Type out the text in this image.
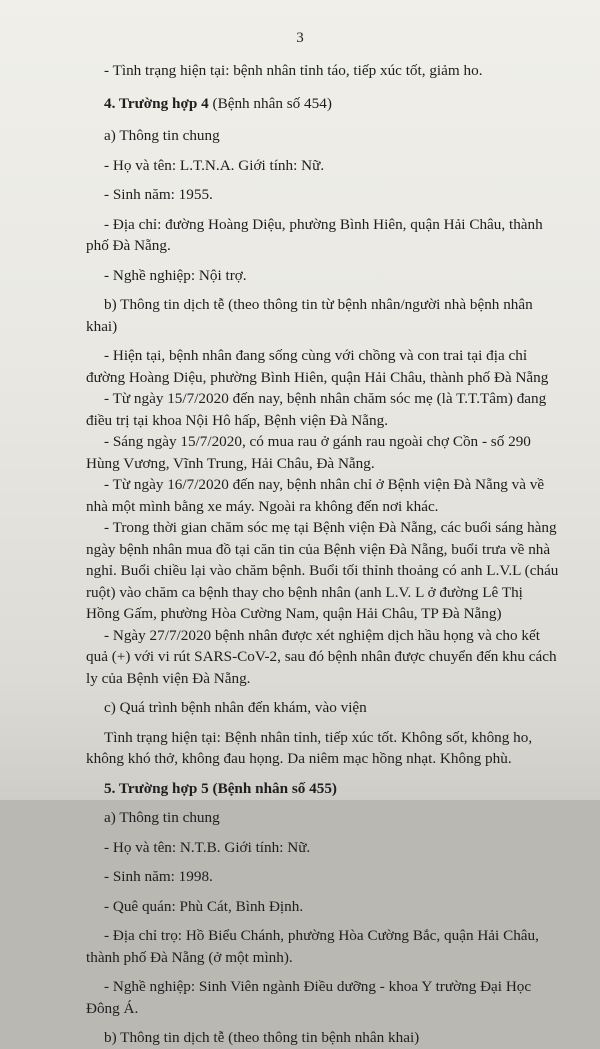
3

- Tình trạng hiện tại: bệnh nhân tỉnh táo, tiếp xúc tốt, giảm ho.

4. Trường hợp 4 (Bệnh nhân số 454)

a) Thông tin chung

- Họ và tên: L.T.N.A. Giới tính: Nữ.

- Sinh năm: 1955.

- Địa chỉ: đường Hoàng Diệu, phường Bình Hiên, quận Hải Châu, thành phố Đà Nẵng.

- Nghề nghiệp: Nội trợ.

b) Thông tin dịch tễ (theo thông tin từ bệnh nhân/người nhà bệnh nhân khai)

- Hiện tại, bệnh nhân đang sống cùng với chồng và con trai tại địa chỉ đường Hoàng Diệu, phường Bình Hiên, quận Hải Châu, thành phố Đà Nẵng

- Từ ngày 15/7/2020 đến nay, bệnh nhân chăm sóc mẹ (là T.T.Tâm) đang điều trị tại khoa Nội Hô hấp, Bệnh viện Đà Nẵng.

- Sáng ngày 15/7/2020, có mua rau ở gánh rau ngoài chợ Cồn - số 290 Hùng Vương, Vĩnh Trung, Hải Châu, Đà Nẵng.

- Từ ngày 16/7/2020 đến nay, bệnh nhân chỉ ở Bệnh viện Đà Nẵng và về nhà một mình bằng xe máy. Ngoài ra không đến nơi khác.

- Trong thời gian chăm sóc mẹ tại Bệnh viện Đà Nẵng, các buổi sáng hàng ngày bệnh nhân mua đồ tại căn tin của Bệnh viện Đà Nẵng, buổi trưa về nhà nghỉ. Buổi chiều lại vào chăm bệnh. Buổi tối thỉnh thoảng có anh L.V.L (cháu ruột) vào chăm ca bệnh thay cho bệnh nhân (anh L.V. L ở đường Lê Thị Hồng Gấm, phường Hòa Cường Nam, quận Hải Châu, TP Đà Nẵng)

- Ngày 27/7/2020 bệnh nhân được xét nghiệm dịch hầu họng và cho kết quả (+) với vi rút SARS-CoV-2, sau đó bệnh nhân được chuyển đến khu cách ly của Bệnh viện Đà Nẵng.

c) Quá trình bệnh nhân đến khám, vào viện

Tình trạng hiện tại: Bệnh nhân tỉnh, tiếp xúc tốt. Không sốt, không ho, không khó thở, không đau họng. Da niêm mạc hồng nhạt. Không phù.

5. Trường hợp 5 (Bệnh nhân số 455)

a) Thông tin chung

- Họ và tên: N.T.B. Giới tính: Nữ.

- Sinh năm: 1998.

- Quê quán: Phù Cát, Bình Định.

- Địa chỉ trọ: Hồ Biểu Chánh, phường Hòa Cường Bắc, quận Hải Châu, thành phố Đà Nẵng (ở một mình).

- Nghề nghiệp: Sinh Viên ngành Điều dưỡng - khoa Y trường Đại Học Đông Á.

b) Thông tin dịch tễ (theo thông tin bệnh nhân khai)
